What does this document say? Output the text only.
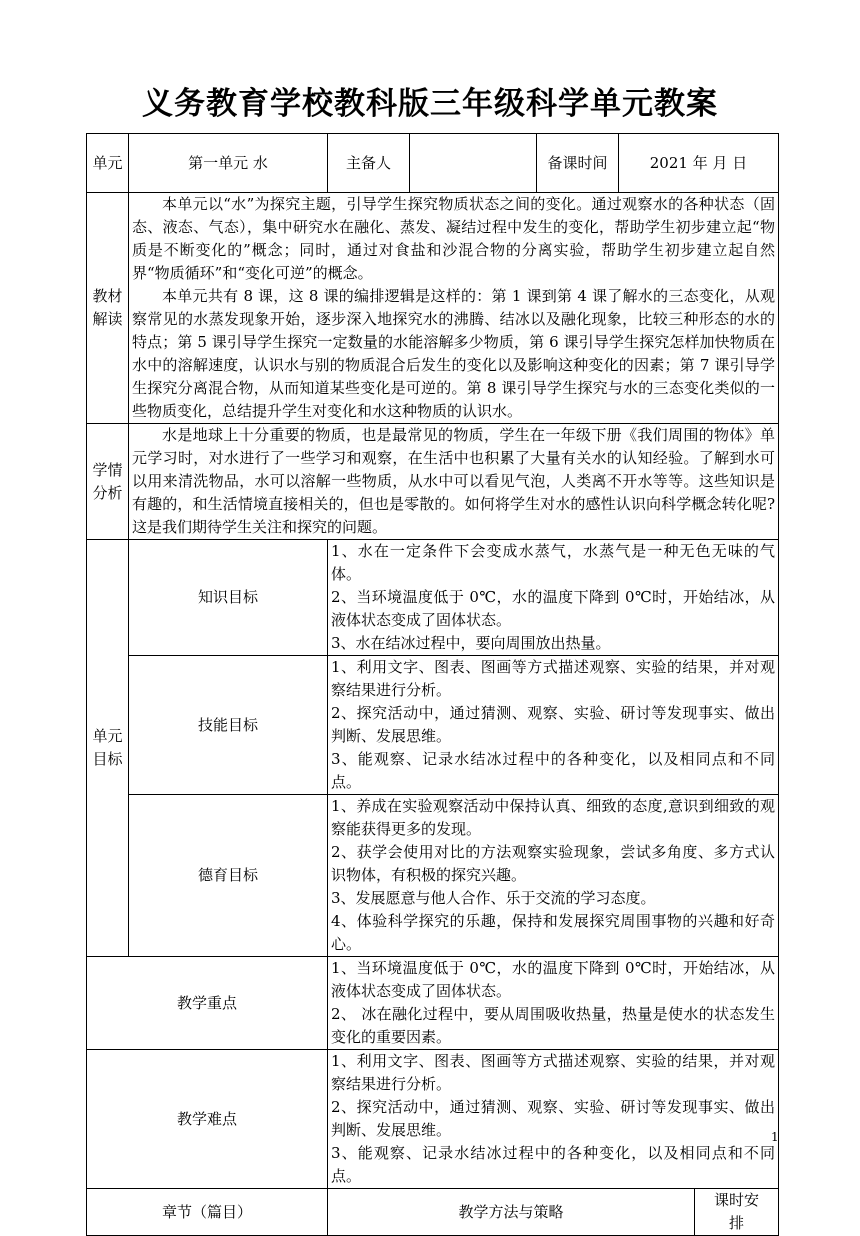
义务教育学校教科版三年级科学单元教案
单元	第一单元 水	主备人		备课时间	2021 年 月 日	
教材解读	本单元以“水”为探究主题，引导学生探究物质状态之间的变化。通过观察水的各种状态（固态、液态、气态），集中研究水在融化、蒸发、凝结过程中发生的变化，帮助学生初步建立起“物质是不断变化的”概念；同时，通过对食盐和沙混合物的分离实验，帮助学生初步建立起自然界“物质循环”和“变化可逆”的概念。

本单元共有 8 课，这 8 课的编排逻辑是这样的：第 1 课到第 4 课了解水的三态变化，从观察常见的水蒸发现象开始，逐步深入地探究水的沸腾、结冰以及融化现象，比较三种形态的水的特点；第 5 课引导学生探究一定数量的水能溶解多少物质，第 6 课引导学生探究怎样加快物质在水中的溶解速度，认识水与别的物质混合后发生的变化以及影响这种变化的因素；第 7 课引导学生探究分离混合物，从而知道某些变化是可逆的。第 8 课引导学生探究与水的三态变化类似的一些物质变化，总结提升学生对变化和水这种物质的认识水。					

学情分析	水是地球上十分重要的物质，也是最常见的物质，学生在一年级下册《我们周围的物体》单元学习时，对水进行了一些学习和观察，在生活中也积累了大量有关水的认知经验。了解到水可以用来清洗物品，水可以溶解一些物质，从水中可以看见气泡，人类离不开水等等。这些知识是有趣的，和生活情境直接相关的，但也是零散的。如何将学生对水的感性认识向科学概念转化呢?这是我们期待学生关注和探究的问题。					

单元目标	知识目标	1、水在一定条件下会变成水蒸气，水蒸气是一种无色无味的气体。

2、当环境温度低于 0℃，水的温度下降到 0℃时，开始结冰，从液体状态变成了固体状态。

3、水在结冰过程中，要向周围放出热量。				

	技能目标	1、利用文字、图表、图画等方式描述观察、实验的结果，并对观察结果进行分析。

2、探究活动中，通过猜测、观察、实验、研讨等发现事实、做出判断、发展思维。

3、能观察、记录水结冰过程中的各种变化，以及相同点和不同点。				

	德育目标	1、养成在实验观察活动中保持认真、细致的态度,意识到细致的观察能获得更多的发现。

2、获学会使用对比的方法观察实验现象，尝试多角度、多方式认识物体，有积极的探究兴趣。

3、发展愿意与他人合作、乐于交流的学习态度。

4、体验科学探究的乐趣，保持和发展探究周围事物的兴趣和好奇心。				

教学重点		1、当环境温度低于 0℃，水的温度下降到 0℃时，开始结冰，从液体状态变成了固体状态。

2、 冰在融化过程中，要从周围吸收热量，热量是使水的状态发生变化的重要因素。				

教学难点		1、利用文字、图表、图画等方式描述观察、实验的结果，并对观察结果进行分析。

2、探究活动中，通过猜测、观察、实验、研讨等发现事实、做出判断、发展思维。

3、能观察、记录水结冰过程中的各种变化，以及相同点和不同点。				

章节（篇目）		教学方法与策略				课时安排
1
